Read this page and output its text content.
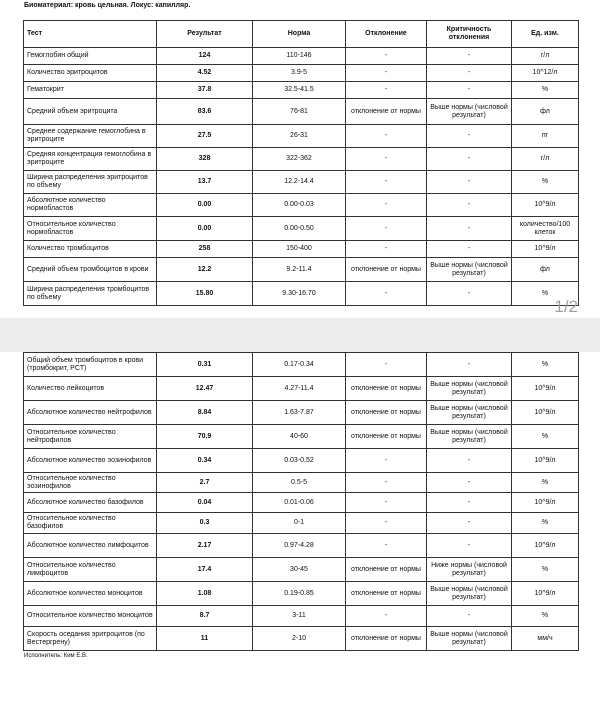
Биоматериал: кровь цельная. Локус: капилляр.
Тест	Результат	Норма	Отклонение	Критичность отклонения	Ед. изм.
Гемоглобин общий	124	110-146	-	-	г/л
Количество эритроцитов	4.52	3.9-5	-	-	10^12/л
Гематокрит	37.8	32.5-41.5	-	-	%
Средний объем эритроцита	83.6	76-81	отклонение от нормы	Выше нормы (числовой результат)	фл
Среднее содержание гемоглобина в эритроците	27.5	26-31	-	-	пг
Средняя концентрация гемоглобина в эритроците	328	322-362	-	-	г/л
Ширина распределения эритроцитов по объему	13.7	12.2-14.4	-	-	%
Абсолютное количество нормобластов	0.00	0.00-0.03	-	-	10^9/л
Относительное количество нормобластов	0.00	0.00-0.50	-	-	количество/100 клеток
Количество тромбоцитов	258	150-400	-	-	10^9/л
Средний объем тромбоцитов в крови	12.2	9.2-11.4	отклонение от нормы	Выше нормы (числовой результат)	фл
Ширина распределения тромбоцитов по объему	15.80	9.30-16.70	-	-	%
1/2
Общий объем тромбоцитов в крови (тромбокрит, PCT)	0.31	0.17-0.34	-	-	%
Количество лейкоцитов	12.47	4.27-11.4	отклонение от нормы	Выше нормы (числовой результат)	10^9/л
Абсолютное количество нейтрофилов	8.84	1.63-7.87	отклонение от нормы	Выше нормы (числовой результат)	10^9/л
Относительное количество нейтрофилов	70.9	40-60	отклонение от нормы	Выше нормы (числовой результат)	%
Абсолютное количество эозинофилов	0.34	0.03-0.52	-	-	10^9/л
Относительное количество эозинофилов	2.7	0.5-5	-	-	%
Абсолютное количество базофилов	0.04	0.01-0.06	-	-	10^9/л
Относительное количество базофилов	0.3	0-1	-	-	%
Абсолютное количество лимфоцитов	2.17	0.97-4.28	-	-	10^9/л
Относительное количество лимфоцитов	17.4	30-45	отклонение от нормы	Ниже нормы (числовой результат)	%
Абсолютное количество моноцитов	1.08	0.19-0.85	отклонение от нормы	Выше нормы (числовой результат)	10^9/л
Относительное количество моноцитов	8.7	3-11	-	-	%
Скорость оседания эритроцитов (по Вестергрену)	11	2-10	отклонение от нормы	Выше нормы (числовой результат)	мм/ч
Исполнитель: Ким Е.В.
